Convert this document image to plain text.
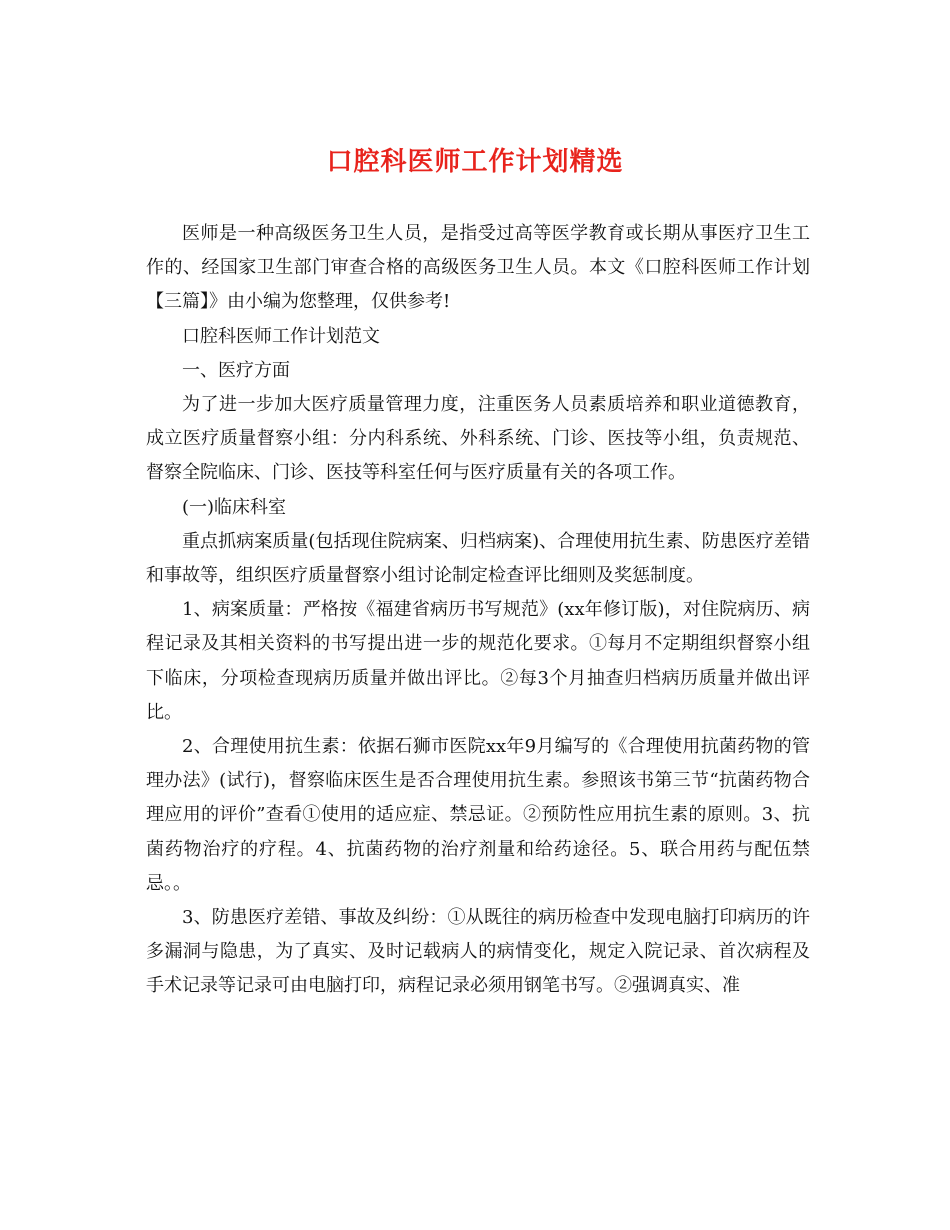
口腔科医师工作计划精选

医师是一种高级医务卫生人员，是指受过高等医学教育或长期从事医疗卫生工作的、经国家卫生部门审查合格的高级医务卫生人员。本文《口腔科医师工作计划【三篇】》由小编为您整理，仅供参考!

口腔科医师工作计划范文

一、医疗方面

为了进一步加大医疗质量管理力度，注重医务人员素质培养和职业道德教育，成立医疗质量督察小组：分内科系统、外科系统、门诊、医技等小组，负责规范、督察全院临床、门诊、医技等科室任何与医疗质量有关的各项工作。

(一)临床科室

重点抓病案质量(包括现住院病案、归档病案)、合理使用抗生素、防患医疗差错和事故等，组织医疗质量督察小组讨论制定检查评比细则及奖惩制度。

1、病案质量：严格按《福建省病历书写规范》(xx年修订版)，对住院病历、病程记录及其相关资料的书写提出进一步的规范化要求。①每月不定期组织督察小组下临床，分项检查现病历质量并做出评比。②每3个月抽查归档病历质量并做出评比。

2、合理使用抗生素：依据石狮市医院xx年9月编写的《合理使用抗菌药物的管理办法》(试行)，督察临床医生是否合理使用抗生素。参照该书第三节“抗菌药物合理应用的评价”查看①使用的适应症、禁忌证。②预防性应用抗生素的原则。3、抗菌药物治疗的疗程。4、抗菌药物的治疗剂量和给药途径。5、联合用药与配伍禁忌。。

3、防患医疗差错、事故及纠纷：①从既往的病历检查中发现电脑打印病历的许多漏洞与隐患，为了真实、及时记载病人的病情变化，规定入院记录、首次病程及手术记录等记录可由电脑打印，病程记录必须用钢笔书写。②强调真实、准
